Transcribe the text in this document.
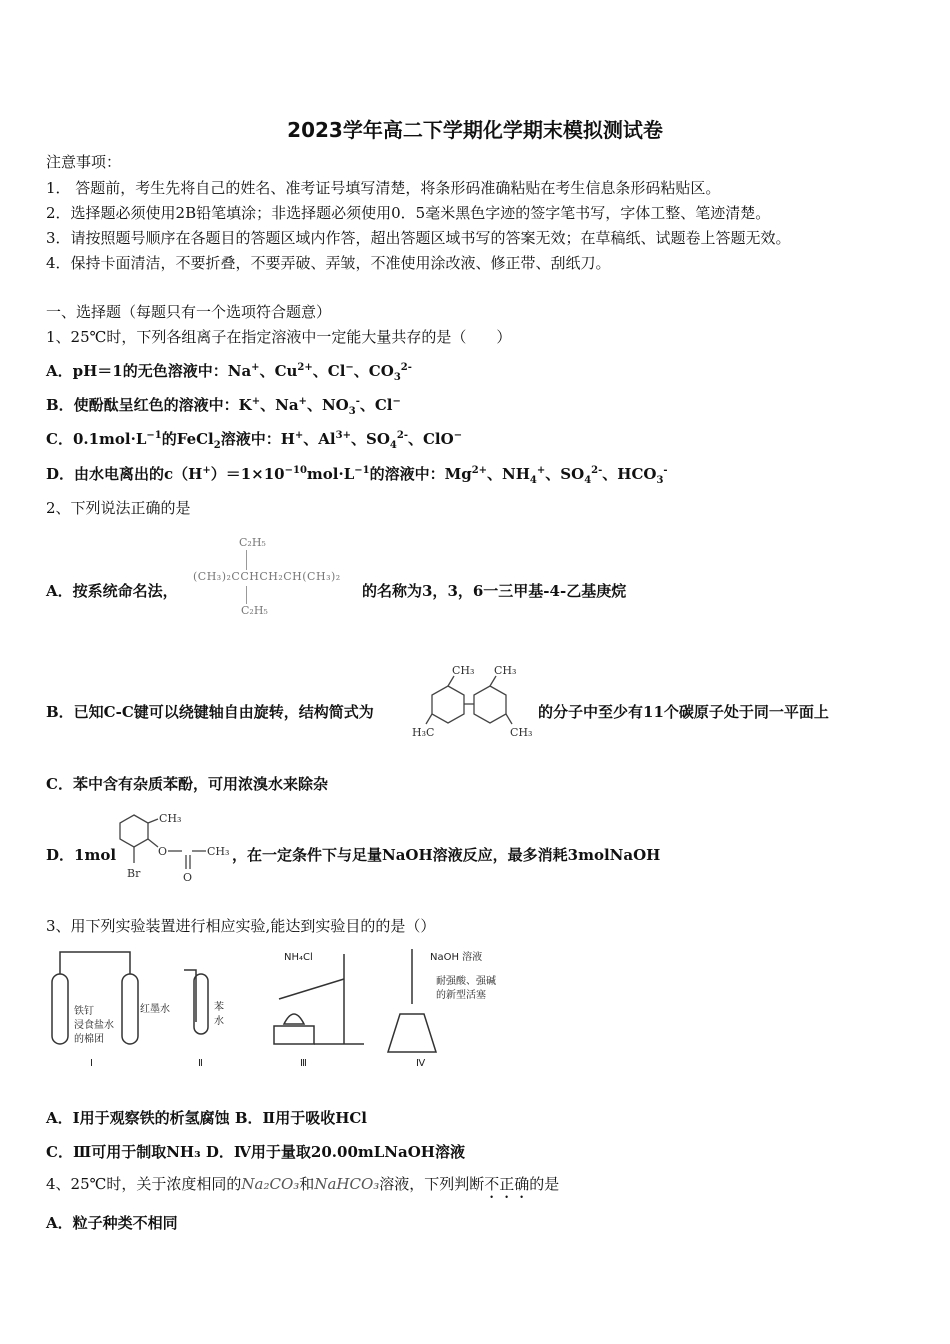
2023学年高二下学期化学期末模拟测试卷
注意事项：
1． 答题前，考生先将自己的姓名、准考证号填写清楚，将条形码准确粘贴在考生信息条形码粘贴区。
2．选择题必须使用2B铅笔填涂；非选择题必须使用0．5毫米黑色字迹的签字笔书写，字体工整、笔迹清楚。
3．请按照题号顺序在各题目的答题区域内作答，超出答题区域书写的答案无效；在草稿纸、试题卷上答题无效。
4．保持卡面清洁，不要折叠，不要弄破、弄皱，不准使用涂改液、修正带、刮纸刀。
一、选择题（每题只有一个选项符合题意）
1、25℃时，下列各组离子在指定溶液中一定能大量共存的是（　　）
A．pH＝1的无色溶液中：Na+、$Cu^{2+}$、Cl−、$CO_3^{2-}$
B．使酚酞呈红色的溶液中：K+、Na+、$NO_3^-$、Cl−
C．$0.1mol\cdot L^{-1}$的FeCl$_2$溶液中：H+、$Al^{3+}$、$SO_4^{2-}$、ClO−
D．由水电离出的$c(H^+)=1\times 10^{-10}mol\cdot L^{-1}$的溶液中：$Mg^{2+}$、$NH_4^+$、$SO_4^{2-}$、$HCO_3^-$
2、下列说法正确的是
A．按系统命名法，
C₂H₅
(CH₃)₂CCHCH₂CH(CH₃)₂
C₂H₅
的名称为3，3，6一三甲基-4-乙基庚烷
B．已知C-C键可以绕键轴自由旋转，结构简式为
CH₃ CH₃
H₃C	CH₃
的分子中至少有11个碳原子处于同一平面上
C．苯中含有杂质苯酚，可用浓溴水来除杂
D．1mol
CH₃
Br
O
O
CH₃ ，在一定条件下与足量NaOH溶液反应，最多消耗3molNaOH
3、用下列实验装置进行相应实验,能达到实验目的的是（）
铁钉
浸食盐水
的棉团
红墨水	苯
水
NH₄Cl	NaOH 溶液
耐强酸、强碱
的新型活塞
Ⅰ	Ⅱ	Ⅲ	Ⅳ
A．Ⅰ用于观察铁的析氢腐蚀 B．Ⅱ用于吸收HCl
C．Ⅲ可用于制取NH₃ D．Ⅳ用于量取20.00mLNaOH溶液
4、25℃时，关于浓度相同的Na₂CO₃和NaHCO₃溶液，下列判断不正确的是
A．粒子种类不相同
